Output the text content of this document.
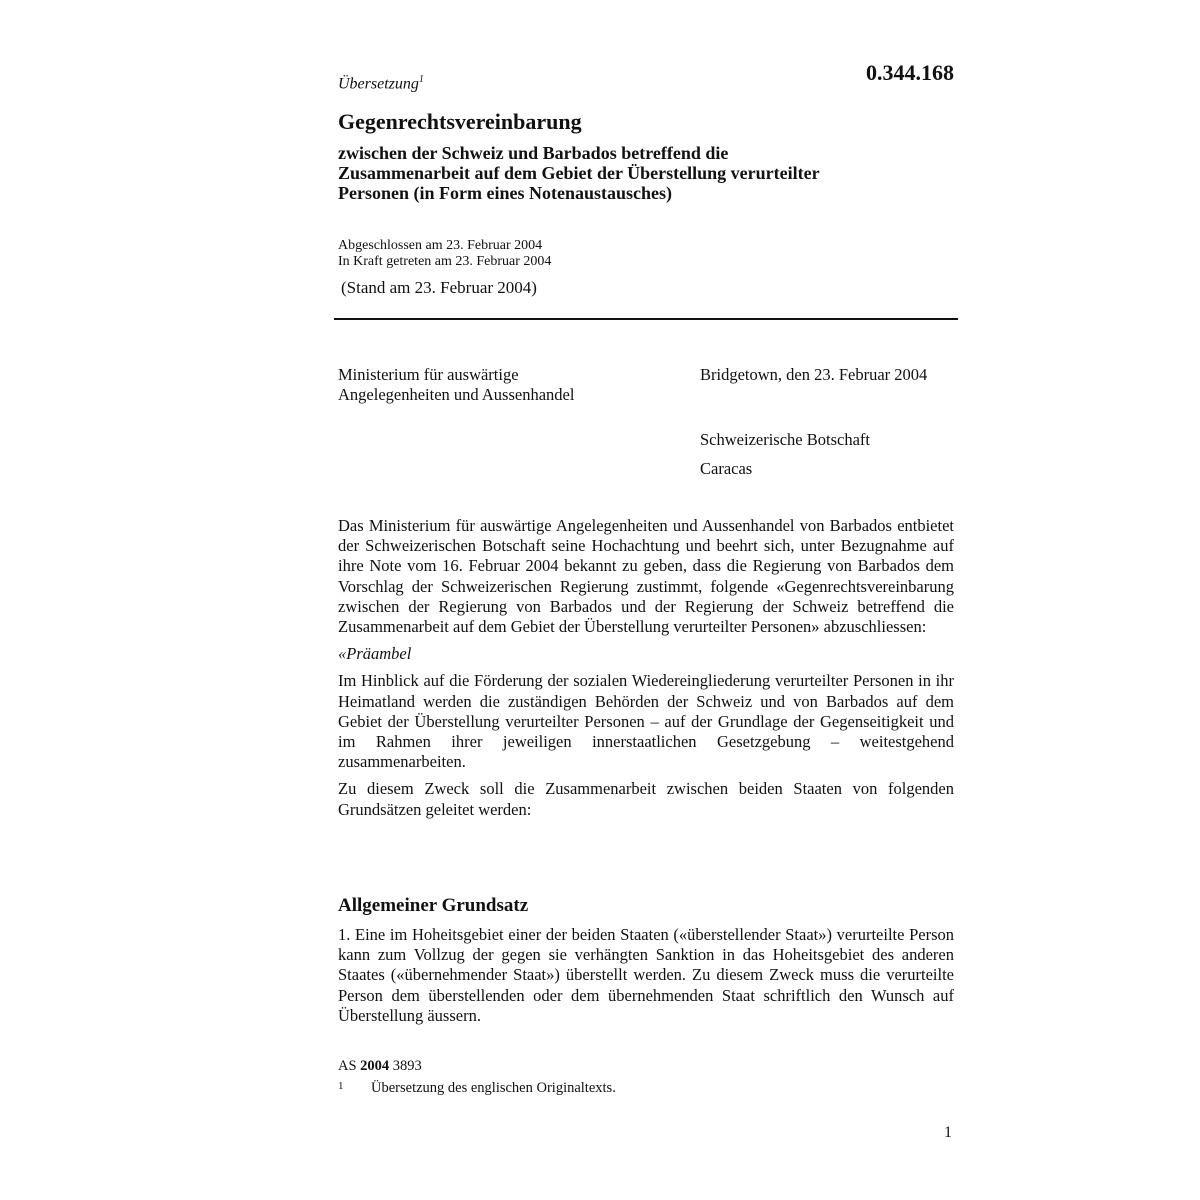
Übersetzung$^1$	0.344.168
Gegenrechtsvereinbarung
zwischen der Schweiz und Barbados betreffend die
Zusammenarbeit auf dem Gebiet der Überstellung verurteilter
Personen (in Form eines Notenaustausches)
Abgeschlossen am 23. Februar 2004
In Kraft getreten am 23. Februar 2004
(Stand am 23. Februar 2004)
Ministerium für auswärtige
Angelegenheiten und Aussenhandel
Bridgetown, den 23. Februar 2004
Schweizerische Botschaft
Caracas

Das Ministerium für auswärtige Angelegenheiten und Aussenhandel von Barbados entbietet der Schweizerischen Botschaft seine Hochachtung und beehrt sich, unter Bezugnahme auf ihre Note vom 16. Februar 2004 bekannt zu geben, dass die Regierung von Barbados dem Vorschlag der Schweizerischen Regierung zustimmt, folgende «Gegenrechtsvereinbarung zwischen der Regierung von Barbados und der Regierung der Schweiz betreffend die Zusammenarbeit auf dem Gebiet der Überstellung verurteilter Personen» abzuschliessen:

«Präambel

Im Hinblick auf die Förderung der sozialen Wiedereingliederung verurteilter Personen in ihr Heimatland werden die zuständigen Behörden der Schweiz und von Barbados auf dem Gebiet der Überstellung verurteilter Personen – auf der Grundlage der Gegenseitigkeit und im Rahmen ihrer jeweiligen innerstaatlichen Gesetzgebung – weitestgehend zusammenarbeiten.

Zu diesem Zweck soll die Zusammenarbeit zwischen beiden Staaten von folgenden Grundsätzen geleitet werden:

Allgemeiner Grundsatz
1. Eine im Hoheitsgebiet einer der beiden Staaten («überstellender Staat») verurteilte Person kann zum Vollzug der gegen sie verhängten Sanktion in das Hoheitsgebiet des anderen Staates («übernehmender Staat») überstellt werden. Zu diesem Zweck muss die verurteilte Person dem überstellenden oder dem übernehmenden Staat schriftlich den Wunsch auf Überstellung äussern.
AS 2004 3893
1 Übersetzung des englischen Originaltexts.
1
